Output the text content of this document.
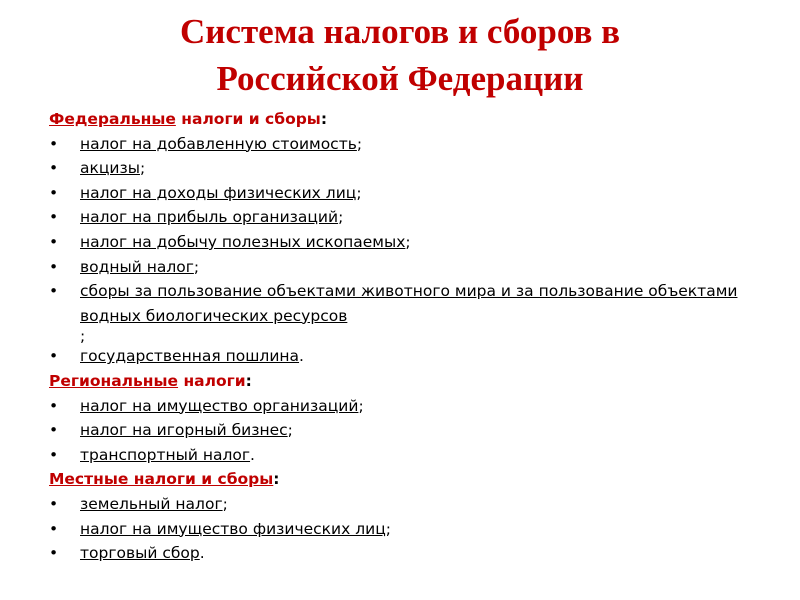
Система налогов и сборов в
Российской Федерации
Федеральные налоги и сборы:
• налог на добавленную стоимость;
• акцизы;
• налог на доходы физических лиц;
• налог на прибыль организаций;
• налог на добычу полезных ископаемых;
• водный налог;
• сборы за пользование объектами животного мира и за пользование объектами водных биологических ресурсов
;
• государственная пошлина.
Региональные налоги:
• налог на имущество организаций;
• налог на игорный бизнес;
• транспортный налог.
Местные налоги и сборы:
• земельный налог;
• налог на имущество физических лиц;
• торговый сбор.
